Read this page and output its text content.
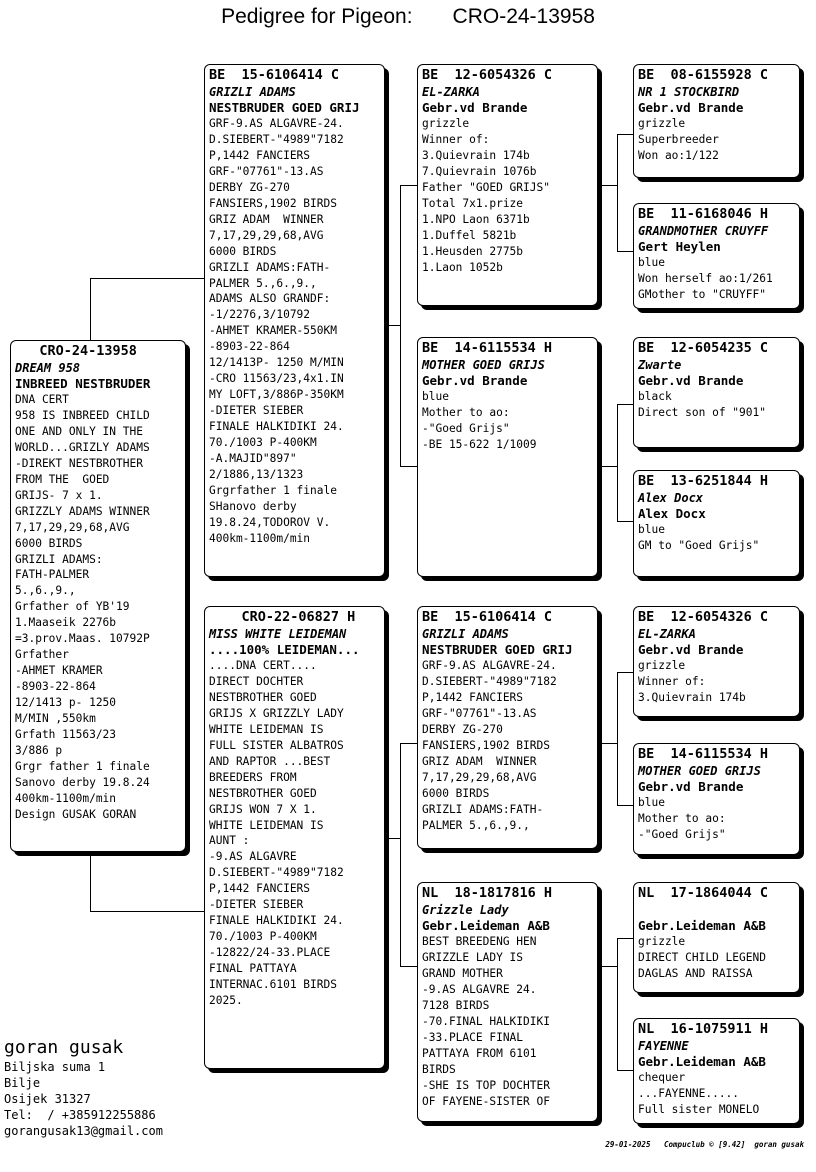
Pedigree for Pigeon: CRO-24-13958
CRO-24-13958
DREAM 958
INBREED NESTBRUDER
DNA CERT
958 IS INBREED CHILD
ONE AND ONLY IN THE
WORLD...GRIZLY ADAMS
-DIREKT NESTBROTHER
FROM THE  GOED
GRIJS- 7 x 1.
GRIZZLY ADAMS WINNER
7,17,29,29,68,AVG
6000 BIRDS
GRIZLI ADAMS:
FATH-PALMER
5.,6.,9.,
Grfather of YB'19
1.Maaseik 2276b
=3.prov.Maas. 10792P
Grfather
-AHMET KRAMER
-8903-22-864
12/1413 p- 1250
M/MIN ,550km
Grfath 11563/23
3/886 p
Grgr father 1 finale
Sanovo derby 19.8.24
400km-1100m/min
Design GUSAK GORAN
BE  15-6106414 C
GRIZLI ADAMS
NESTBRUDER GOED GRIJ
GRF-9.AS ALGAVRE-24.
D.SIEBERT-"4989"7182
P,1442 FANCIERS
GRF-"07761"-13.AS
DERBY ZG-270
FANSIERS,1902 BIRDS
GRIZ ADAM  WINNER
7,17,29,29,68,AVG
6000 BIRDS
GRIZLI ADAMS:FATH-
PALMER 5.,6.,9.,
ADAMS ALSO GRANDF:
-1/2276,3/10792
-AHMET KRAMER-550KM
-8903-22-864
12/1413P- 1250 M/MIN
-CRO 11563/23,4x1.IN
MY LOFT,3/886P-350KM
-DIETER SIEBER
FINALE HALKIDIKI 24.
70./1003 P-400KM
-A.MAJID"897"
2/1886,13/1323
Grgrfather 1 finale
SHanovo derby
19.8.24,TODOROV V.
400km-1100m/min
CRO-22-06827 H
MISS WHITE LEIDEMAN
....100% LEIDEMAN...
....DNA CERT....
DIRECT DOCHTER
NESTBROTHER GOED
GRIJS X GRIZZLY LADY
WHITE LEIDEMAN IS
FULL SISTER ALBATROS
AND RAPTOR ...BEST
BREEDERS FROM
NESTBROTHER GOED
GRIJS WON 7 X 1.
WHITE LEIDEMAN IS
AUNT :
-9.AS ALGAVRE
D.SIEBERT-"4989"7182
P,1442 FANCIERS
-DIETER SIEBER
FINALE HALKIDIKI 24.
70./1003 P-400KM
-12822/24-33.PLACE
FINAL PATTAYA
INTERNAC.6101 BIRDS
2025.
BE  12-6054326 C
EL-ZARKA
Gebr.vd Brande
grizzle
Winner of:
3.Quievrain 174b
7.Quievrain 1076b
Father "GOED GRIJS"
Total 7x1.prize
1.NPO Laon 6371b
1.Duffel 5821b
1.Heusden 2775b
1.Laon 1052b
BE  14-6115534 H
MOTHER GOED GRIJS
Gebr.vd Brande
blue
Mother to ao:
-"Goed Grijs"
-BE 15-622 1/1009
BE  15-6106414 C
GRIZLI ADAMS
NESTBRUDER GOED GRIJ
GRF-9.AS ALGAVRE-24.
D.SIEBERT-"4989"7182
P,1442 FANCIERS
GRF-"07761"-13.AS
DERBY ZG-270
FANSIERS,1902 BIRDS
GRIZ ADAM  WINNER
7,17,29,29,68,AVG
6000 BIRDS
GRIZLI ADAMS:FATH-
PALMER 5.,6.,9.,
NL  18-1817816 H
Grizzle Lady
Gebr.Leideman A&B
BEST BREEDENG HEN
GRIZZLE LADY IS
GRAND MOTHER
-9.AS ALGAVRE 24.
7128 BIRDS
-70.FINAL HALKIDIKI
-33.PLACE FINAL
PATTAYA FROM 6101
BIRDS
-SHE IS TOP DOCHTER
OF FAYENE-SISTER OF
BE  08-6155928 C
NR 1 STOCKBIRD
Gebr.vd Brande
grizzle
Superbreeder
Won ao:1/122
BE  11-6168046 H
GRANDMOTHER CRUYFF
Gert Heylen
blue
Won herself ao:1/261
GMother to "CRUYFF"
BE  12-6054235 C
Zwarte
Gebr.vd Brande
black
Direct son of "901"
BE  13-6251844 H
Alex Docx
Alex Docx
blue
GM to "Goed Grijs"
BE  12-6054326 C
EL-ZARKA
Gebr.vd Brande
grizzle
Winner of:
3.Quievrain 174b
BE  14-6115534 H
MOTHER GOED GRIJS
Gebr.vd Brande
blue
Mother to ao:
-"Goed Grijs"
NL  17-1864044 C
Gebr.Leideman A&B
grizzle
DIRECT CHILD LEGEND
DAGLAS AND RAISSA
NL  16-1075911 H
FAYENNE
Gebr.Leideman A&B
chequer
...FAYENNE.....
Full sister MONELO
goran gusak
Biljska suma 1
Bilje
Osijek 31327
Tel:  / +385912255886
gorangusak13@gmail.com
29-01-2025   Compuclub © [9.42]  goran gusak
